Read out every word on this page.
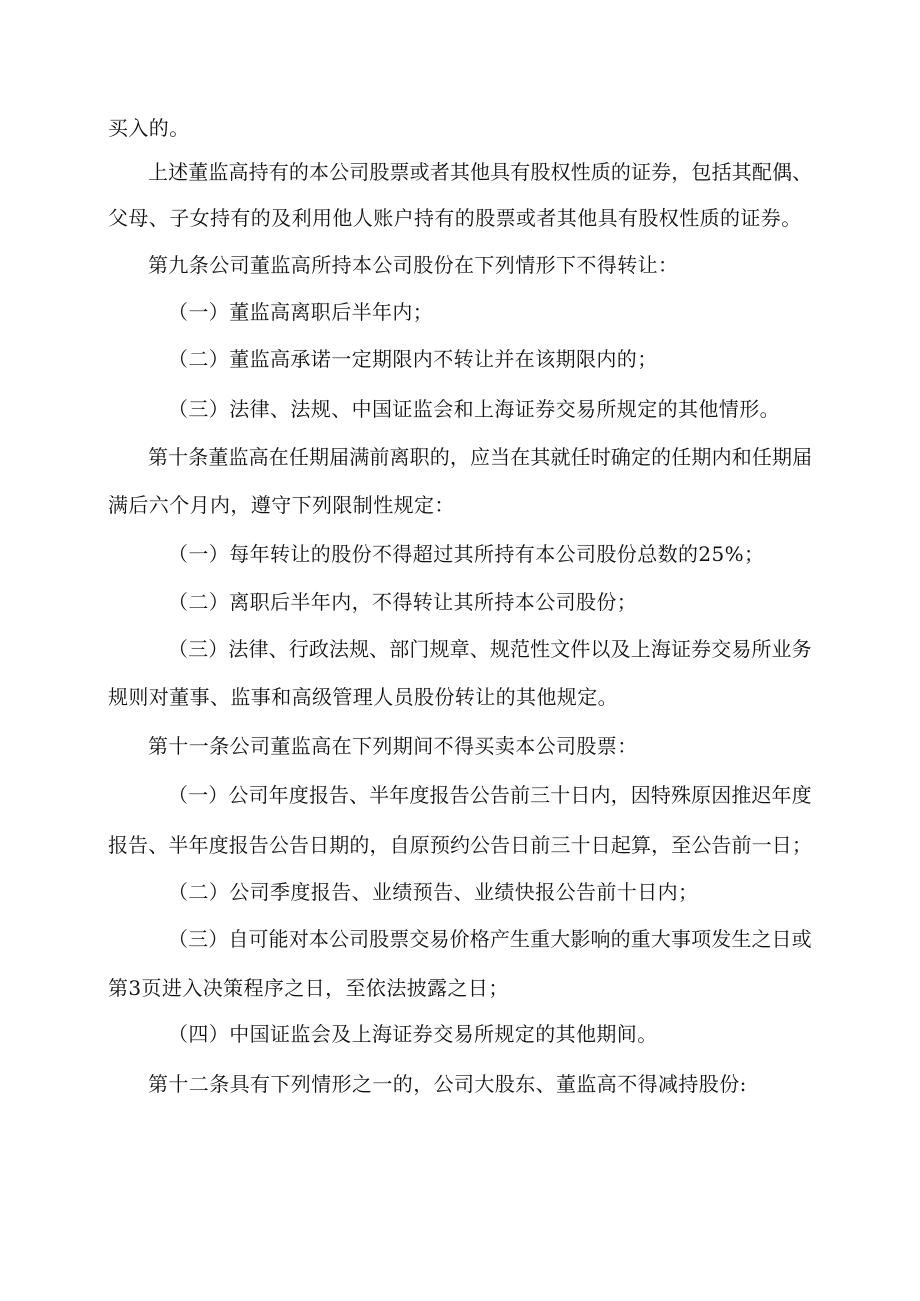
买入的。
上述董监高持有的本公司股票或者其他具有股权性质的证券，包括其配偶、
父母、子女持有的及利用他人账户持有的股票或者其他具有股权性质的证券。
第九条公司董监高所持本公司股份在下列情形下不得转让：
（一）董监高离职后半年内；
（二）董监高承诺一定期限内不转让并在该期限内的；
（三）法律、法规、中国证监会和上海证券交易所规定的其他情形。
第十条董监高在任期届满前离职的，应当在其就任时确定的任期内和任期届
满后六个月内，遵守下列限制性规定：
（一）每年转让的股份不得超过其所持有本公司股份总数的25%；
（二）离职后半年内，不得转让其所持本公司股份；
（三）法律、行政法规、部门规章、规范性文件以及上海证券交易所业务
规则对董事、监事和高级管理人员股份转让的其他规定。
第十一条公司董监高在下列期间不得买卖本公司股票：
（一）公司年度报告、半年度报告公告前三十日内，因特殊原因推迟年度
报告、半年度报告公告日期的，自原预约公告日前三十日起算，至公告前一日；
（二）公司季度报告、业绩预告、业绩快报公告前十日内；
（三）自可能对本公司股票交易价格产生重大影响的重大事项发生之日或
第3页进入决策程序之日，至依法披露之日；
（四）中国证监会及上海证券交易所规定的其他期间。
第十二条具有下列情形之一的，公司大股东、董监高不得减持股份:
